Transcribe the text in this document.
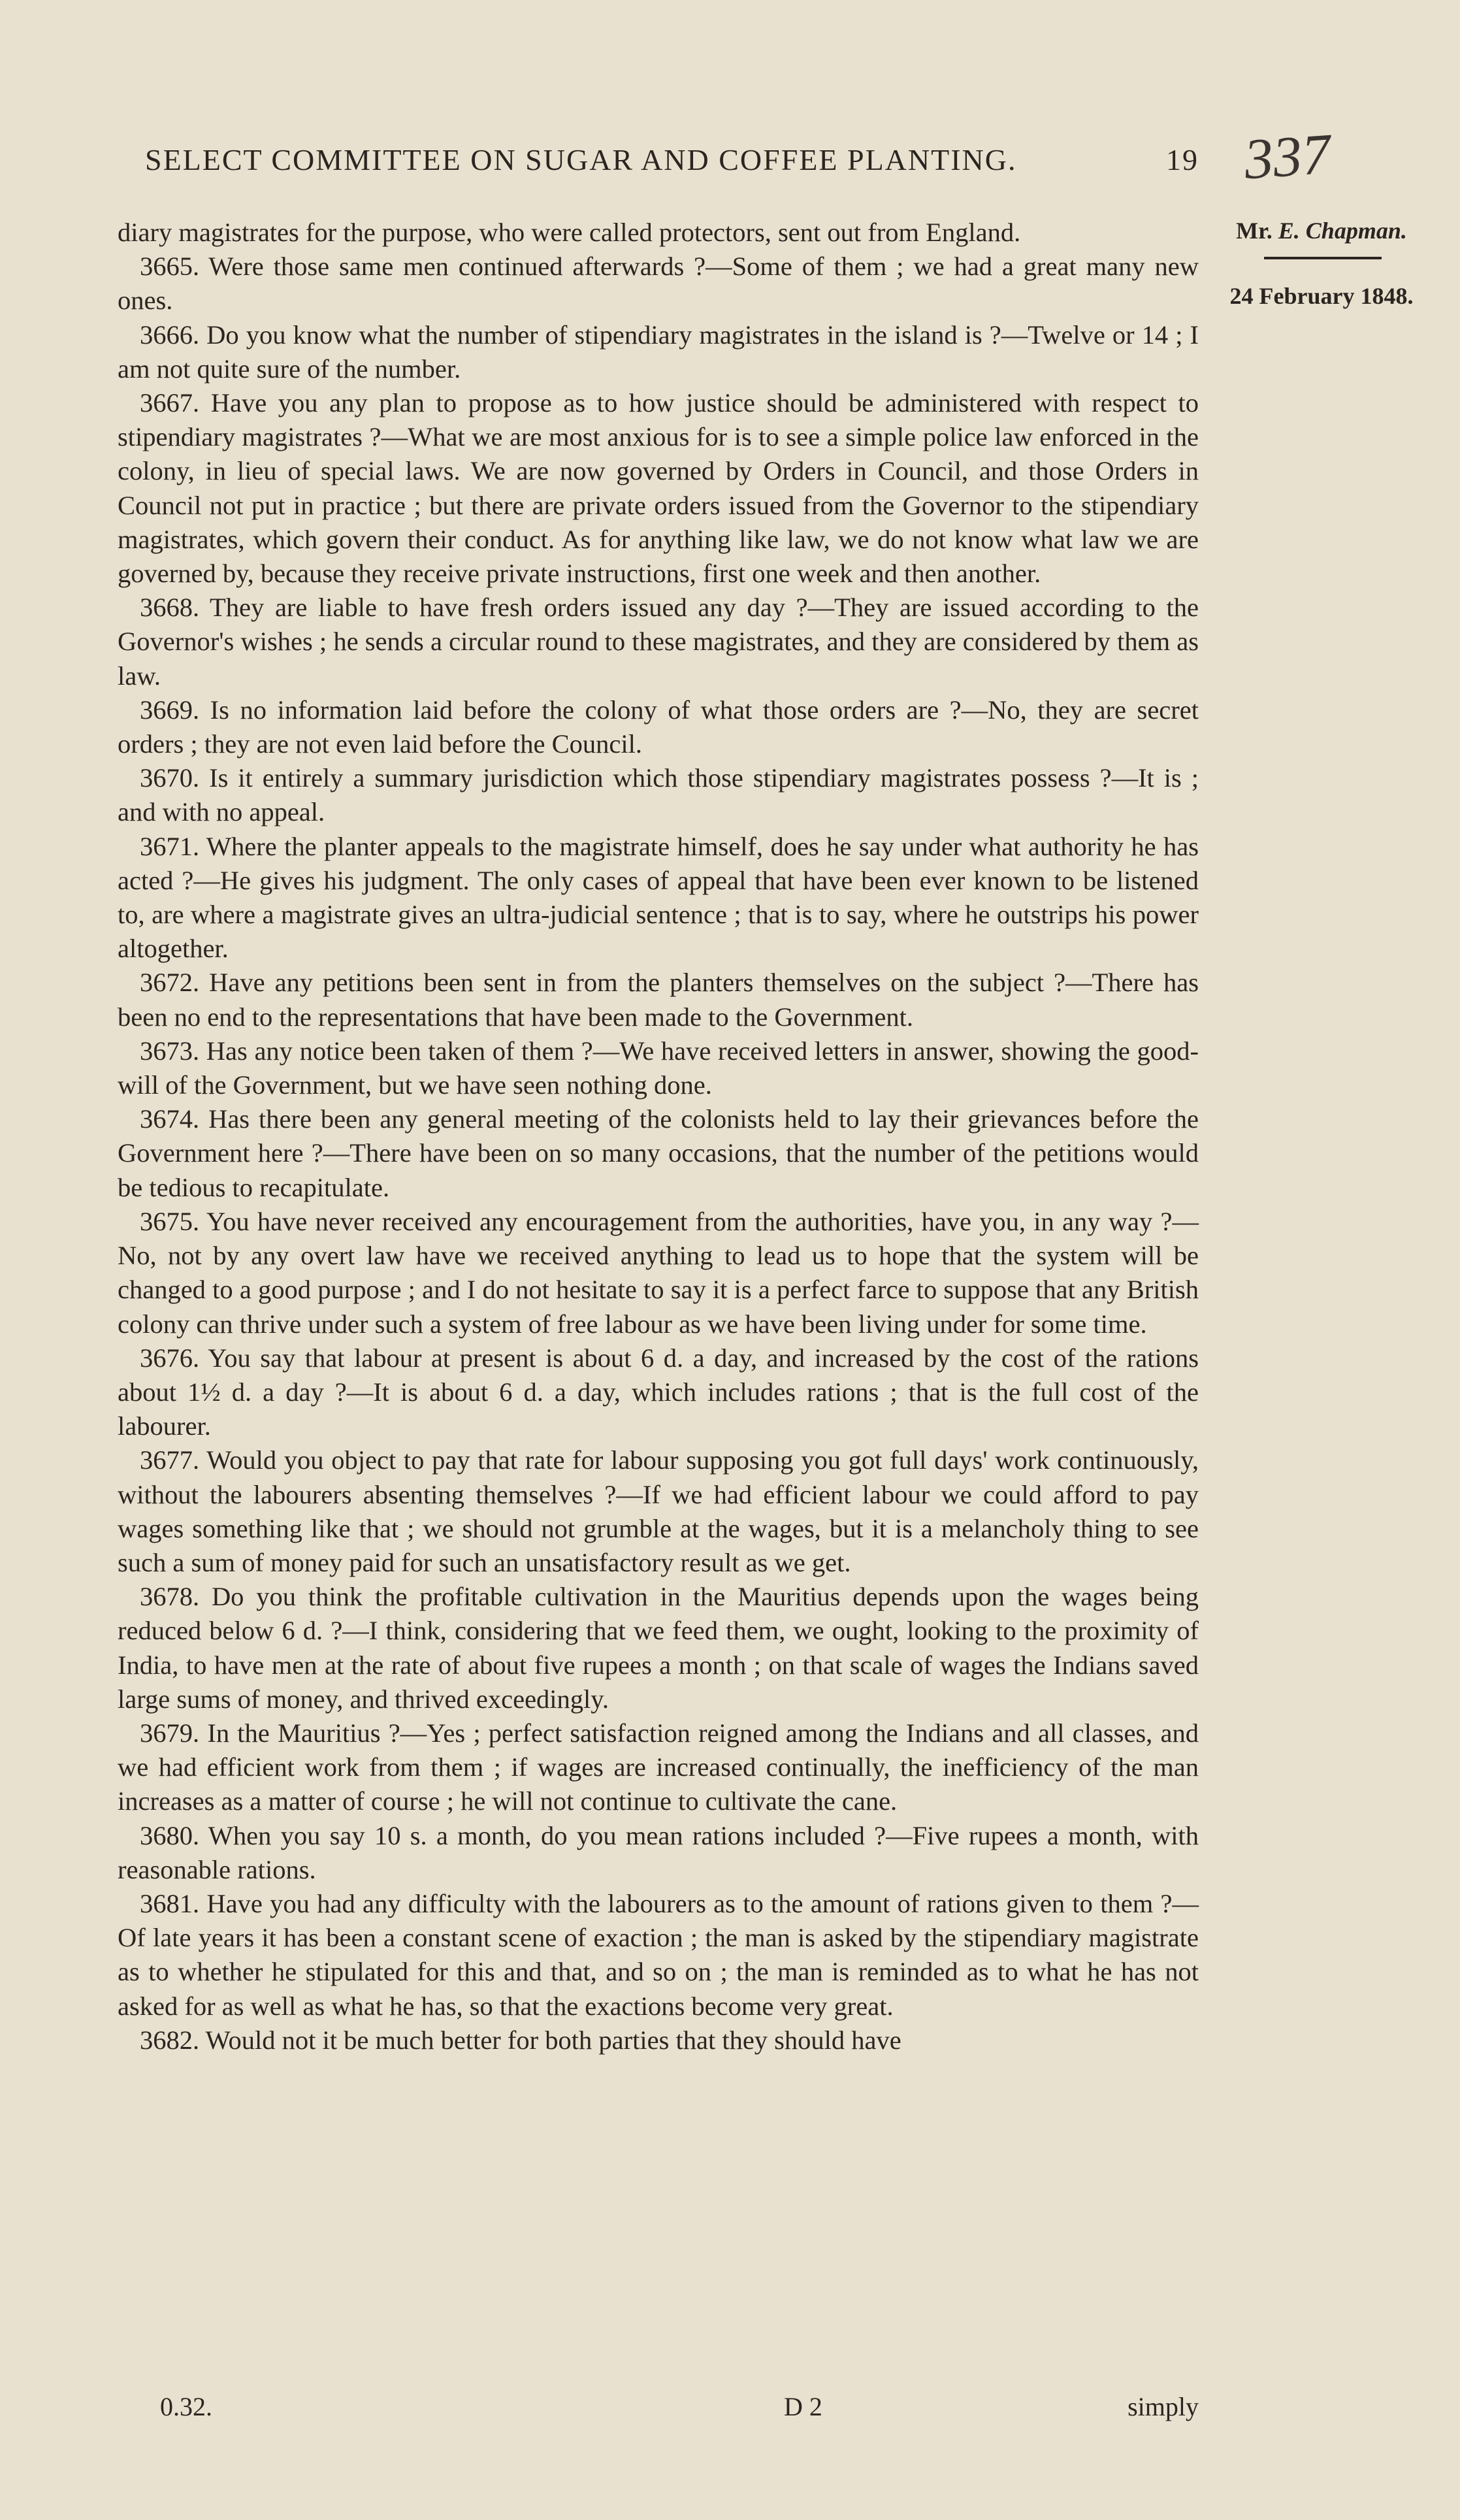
SELECT COMMITTEE ON SUGAR AND COFFEE PLANTING.	19 337
Mr. E. Chapman.
24 February 1848.

diary magistrates for the purpose, who were called protectors, sent out from England.

3665. Were those same men continued afterwards ?—Some of them ; we had a great many new ones.

3666. Do you know what the number of stipendiary magistrates in the island is ?—Twelve or 14 ; I am not quite sure of the number.

3667. Have you any plan to propose as to how justice should be administered with respect to stipendiary magistrates ?—What we are most anxious for is to see a simple police law enforced in the colony, in lieu of special laws. We are now governed by Orders in Council, and those Orders in Council not put in practice ; but there are private orders issued from the Governor to the stipendiary magistrates, which govern their conduct. As for anything like law, we do not know what law we are governed by, because they receive private instructions, first one week and then another.

3668. They are liable to have fresh orders issued any day ?—They are issued according to the Governor's wishes ; he sends a circular round to these magistrates, and they are considered by them as law.

3669. Is no information laid before the colony of what those orders are ?—No, they are secret orders ; they are not even laid before the Council.

3670. Is it entirely a summary jurisdiction which those stipendiary magistrates possess ?—It is ; and with no appeal.

3671. Where the planter appeals to the magistrate himself, does he say under what authority he has acted ?—He gives his judgment. The only cases of appeal that have been ever known to be listened to, are where a magistrate gives an ultra-judicial sentence ; that is to say, where he outstrips his power altogether.

3672. Have any petitions been sent in from the planters themselves on the subject ?—There has been no end to the representations that have been made to the Government.

3673. Has any notice been taken of them ?—We have received letters in answer, showing the good-will of the Government, but we have seen nothing done.

3674. Has there been any general meeting of the colonists held to lay their grievances before the Government here ?—There have been on so many occasions, that the number of the petitions would be tedious to recapitulate.

3675. You have never received any encouragement from the authorities, have you, in any way ?—No, not by any overt law have we received anything to lead us to hope that the system will be changed to a good purpose ; and I do not hesitate to say it is a perfect farce to suppose that any British colony can thrive under such a system of free labour as we have been living under for some time.

3676. You say that labour at present is about 6 d. a day, and increased by the cost of the rations about 1½ d. a day ?—It is about 6 d. a day, which includes rations ; that is the full cost of the labourer.

3677. Would you object to pay that rate for labour supposing you got full days' work continuously, without the labourers absenting themselves ?—If we had efficient labour we could afford to pay wages something like that ; we should not grumble at the wages, but it is a melancholy thing to see such a sum of money paid for such an unsatisfactory result as we get.

3678. Do you think the profitable cultivation in the Mauritius depends upon the wages being reduced below 6 d. ?—I think, considering that we feed them, we ought, looking to the proximity of India, to have men at the rate of about five rupees a month ; on that scale of wages the Indians saved large sums of money, and thrived exceedingly.

3679. In the Mauritius ?—Yes ; perfect satisfaction reigned among the Indians and all classes, and we had efficient work from them ; if wages are increased continually, the inefficiency of the man increases as a matter of course ; he will not continue to cultivate the cane.

3680. When you say 10 s. a month, do you mean rations included ?—Five rupees a month, with reasonable rations.

3681. Have you had any difficulty with the labourers as to the amount of rations given to them ?—Of late years it has been a constant scene of exaction ; the man is asked by the stipendiary magistrate as to whether he stipulated for this and that, and so on ; the man is reminded as to what he has not asked for as well as what he has, so that the exactions become very great.

3682. Would not it be much better for both parties that they should have

0.32.	D 2	simply
